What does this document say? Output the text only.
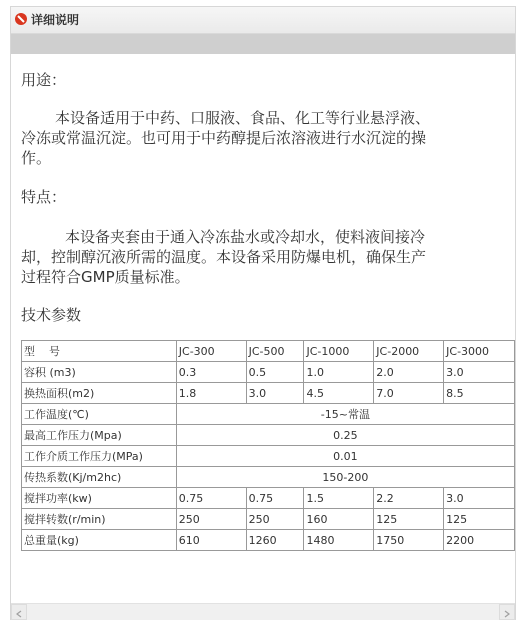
详细说明
用途：
本设备适用于中药、口服液、食品、化工等行业悬浮液、
冷冻或常温沉淀。也可用于中药醇提后浓溶液进行水沉淀的操
作。
特点：
本设备夹套由于通入冷冻盐水或冷却水，使料液间接冷
却，控制醇沉液所需的温度。本设备采用防爆电机，确保生产
过程符合GMP质量标准。
技术参数
型    号	JC-300	JC-500	JC-1000	JC-2000	JC-3000
容积 (m3)	0.3	0.5	1.0	2.0	3.0
换热面积(m2)	1.8	3.0	4.5	7.0	8.5
工作温度(℃)	-15~常温				
最高工作压力(Mpa)	0.25				
工作介质工作压力(MPa)	0.01				
传热系数(Kj/m2hc)	150-200				
搅拌功率(kw)	0.75	0.75	1.5	2.2	3.0
搅拌转数(r/min)	250	250	160	125	125
总重量(kg)	610	1260	1480	1750	2200
